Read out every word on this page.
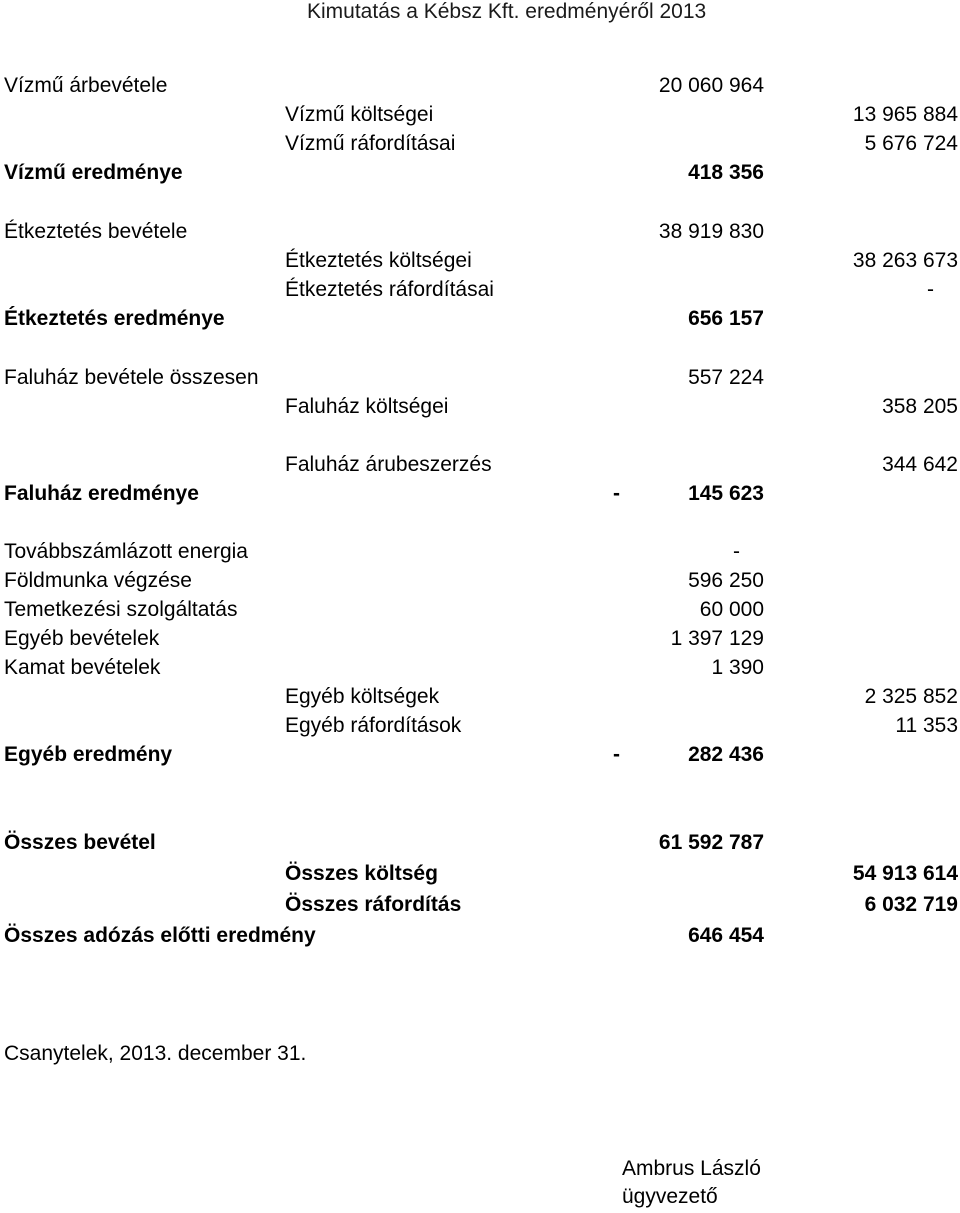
Kimutatás a Kébsz Kft. eredményéről 2013
Vízmű árbevétele	20 060 964
Vízmű költségei	13 965 884
Vízmű ráfordításai	5 676 724
Vízmű eredménye	418 356
Étkeztetés bevétele	38 919 830
Étkeztetés költségei	38 263 673
Étkeztetés ráfordításai	-
Étkeztetés eredménye	656 157
Faluház bevétele összesen	557 224
Faluház költségei	358 205
Faluház árubeszerzés	344 642
Faluház eredménye	-	145 623
Továbbszámlázott energia	-
Földmunka végzése	596 250
Temetkezési szolgáltatás	60 000
Egyéb bevételek	1 397 129
Kamat bevételek	1 390
Egyéb költségek	2 325 852
Egyéb ráfordítások	11 353
Egyéb eredmény	-	282 436
Összes bevétel	61 592 787
Összes költség	54 913 614
Összes ráfordítás	6 032 719
Összes adózás előtti eredmény	646 454
Csanytelek, 2013. december 31.
Ambrus László
ügyvezető
